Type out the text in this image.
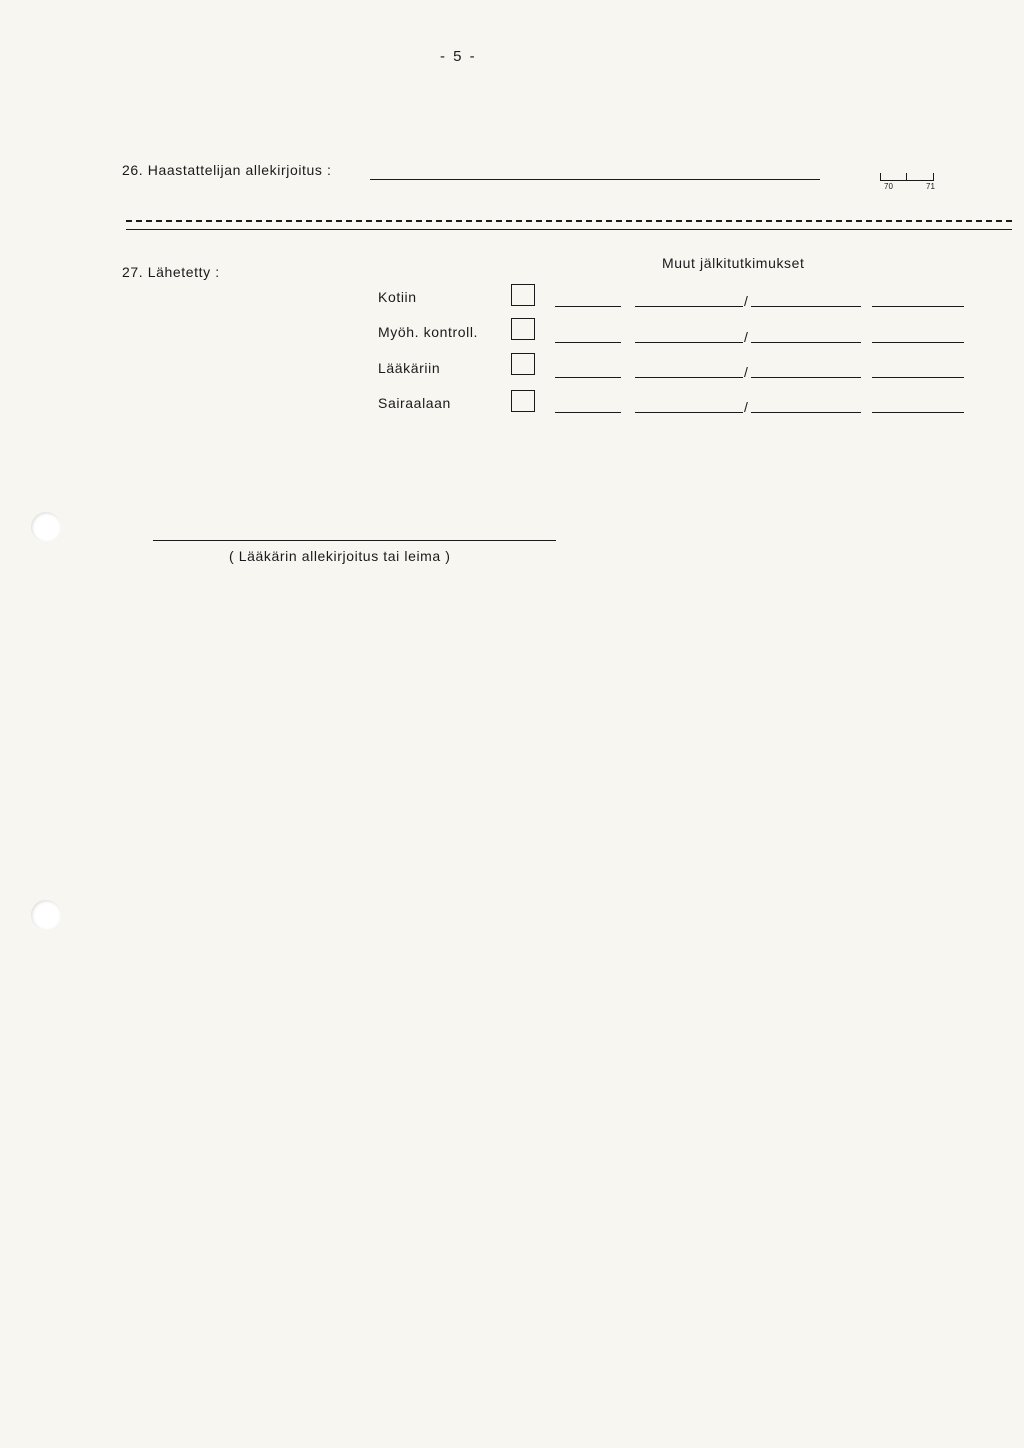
- 5 -
26. Haastattelijan allekirjoitus :
70	71
27. Lähetetty :
Muut jälkitutkimukset
Kotiin	/
Myöh. kontroll.	/
Lääkäriin	/
Sairaalaan	/
( Lääkärin allekirjoitus tai leima )
